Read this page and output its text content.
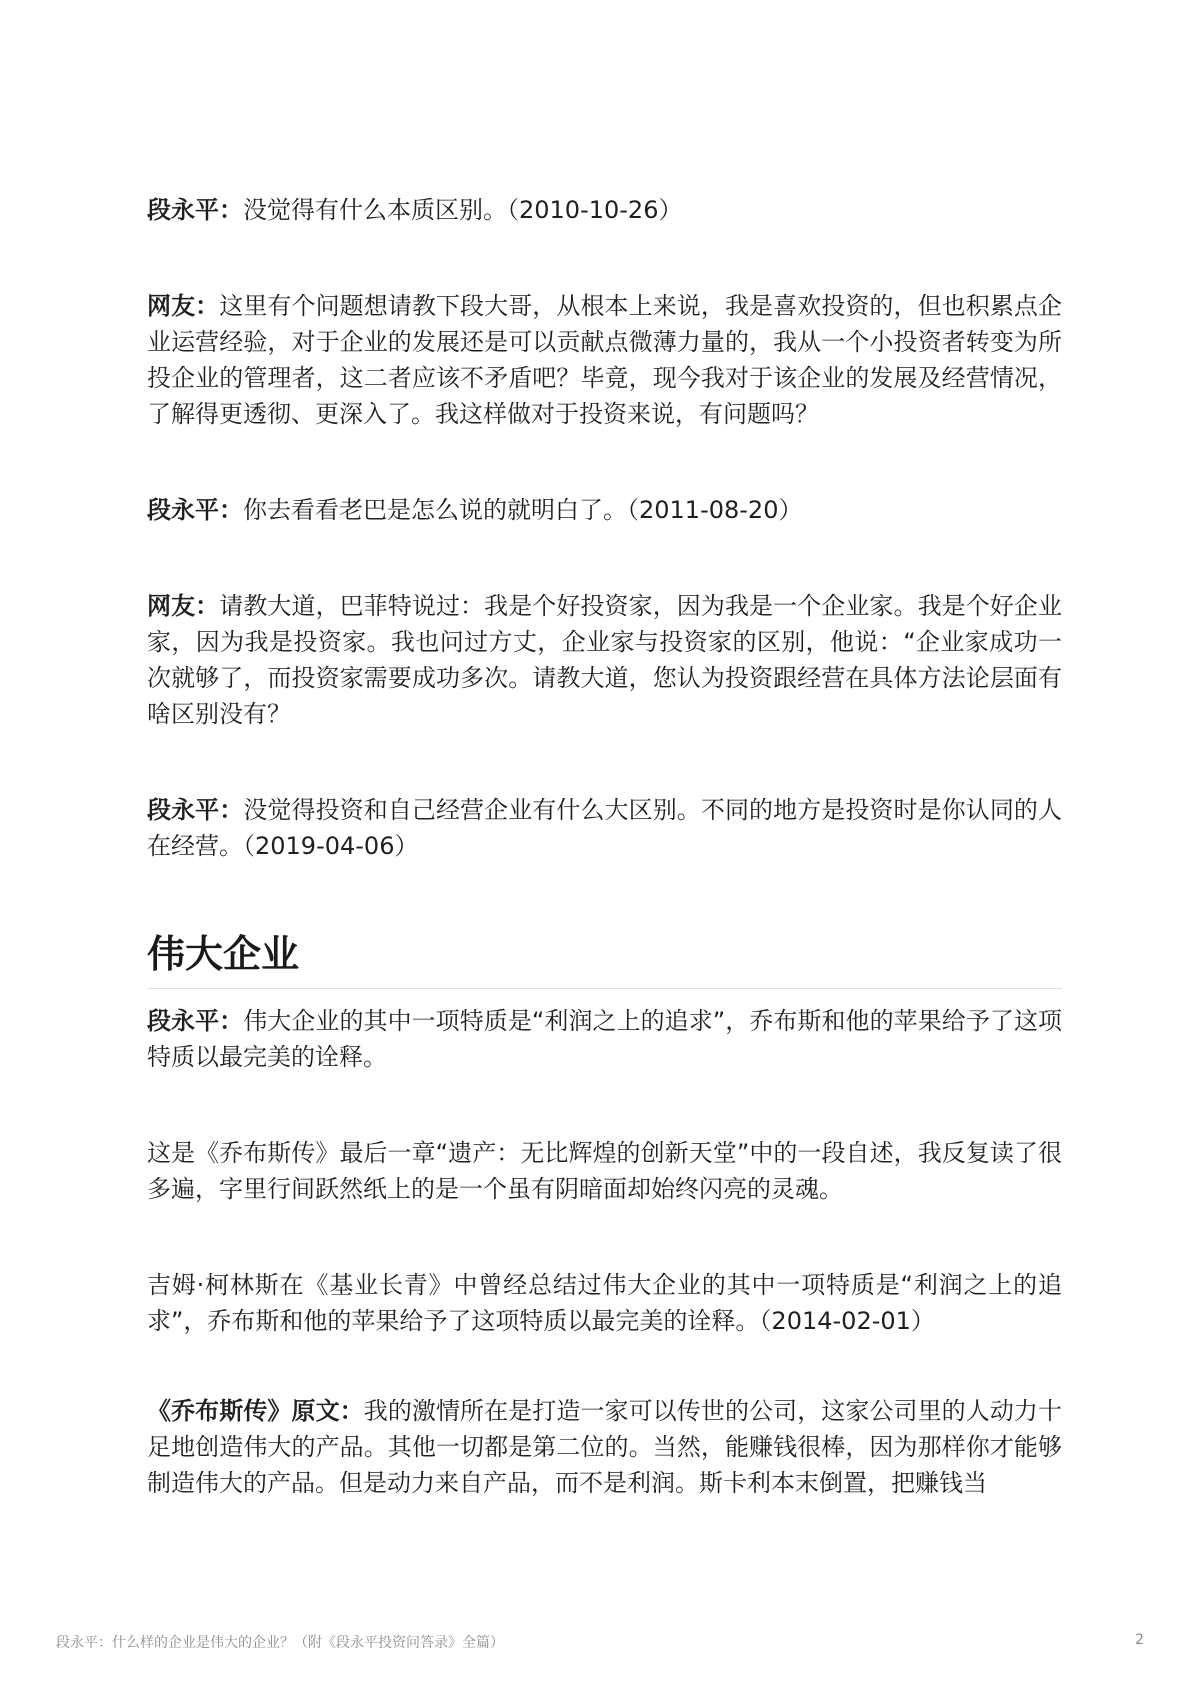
段永平：没觉得有什么本质区别。（2010-10-26）

网友：这里有个问题想请教下段大哥，从根本上来说，我是喜欢投资的，但也积累点企业运营经验，对于企业的发展还是可以贡献点微薄力量的，我从一个小投资者转变为所投企业的管理者，这二者应该不矛盾吧？毕竟，现今我对于该企业的发展及经营情况，了解得更透彻、更深入了。我这样做对于投资来说，有问题吗？

段永平：你去看看老巴是怎么说的就明白了。（2011-08-20）

网友：请教大道，巴菲特说过：我是个好投资家，因为我是一个企业家。我是个好企业家，因为我是投资家。我也问过方丈，企业家与投资家的区别，他说：“企业家成功一次就够了，而投资家需要成功多次。请教大道，您认为投资跟经营在具体方法论层面有啥区别没有？

段永平：没觉得投资和自己经营企业有什么大区别。不同的地方是投资时是你认同的人在经营。（2019-04-06）

伟大企业

段永平：伟大企业的其中一项特质是“利润之上的追求”，乔布斯和他的苹果给予了这项特质以最完美的诠释。

这是《乔布斯传》最后一章“遗产：无比辉煌的创新天堂”中的一段自述，我反复读了很多遍，字里行间跃然纸上的是一个虽有阴暗面却始终闪亮的灵魂。

吉姆·柯林斯在《基业长青》中曾经总结过伟大企业的其中一项特质是“利润之上的追求”，乔布斯和他的苹果给予了这项特质以最完美的诠释。（2014-02-01）

《乔布斯传》原文：我的激情所在是打造一家可以传世的公司，这家公司里的人动力十足地创造伟大的产品。其他一切都是第二位的。当然，能赚钱很棒，因为那样你才能够制造伟大的产品。但是动力来自产品，而不是利润。斯卡利本末倒置，把赚钱当

段永平：什么样的企业是伟大的企业？（附《段永平投资问答录》全篇）	2
